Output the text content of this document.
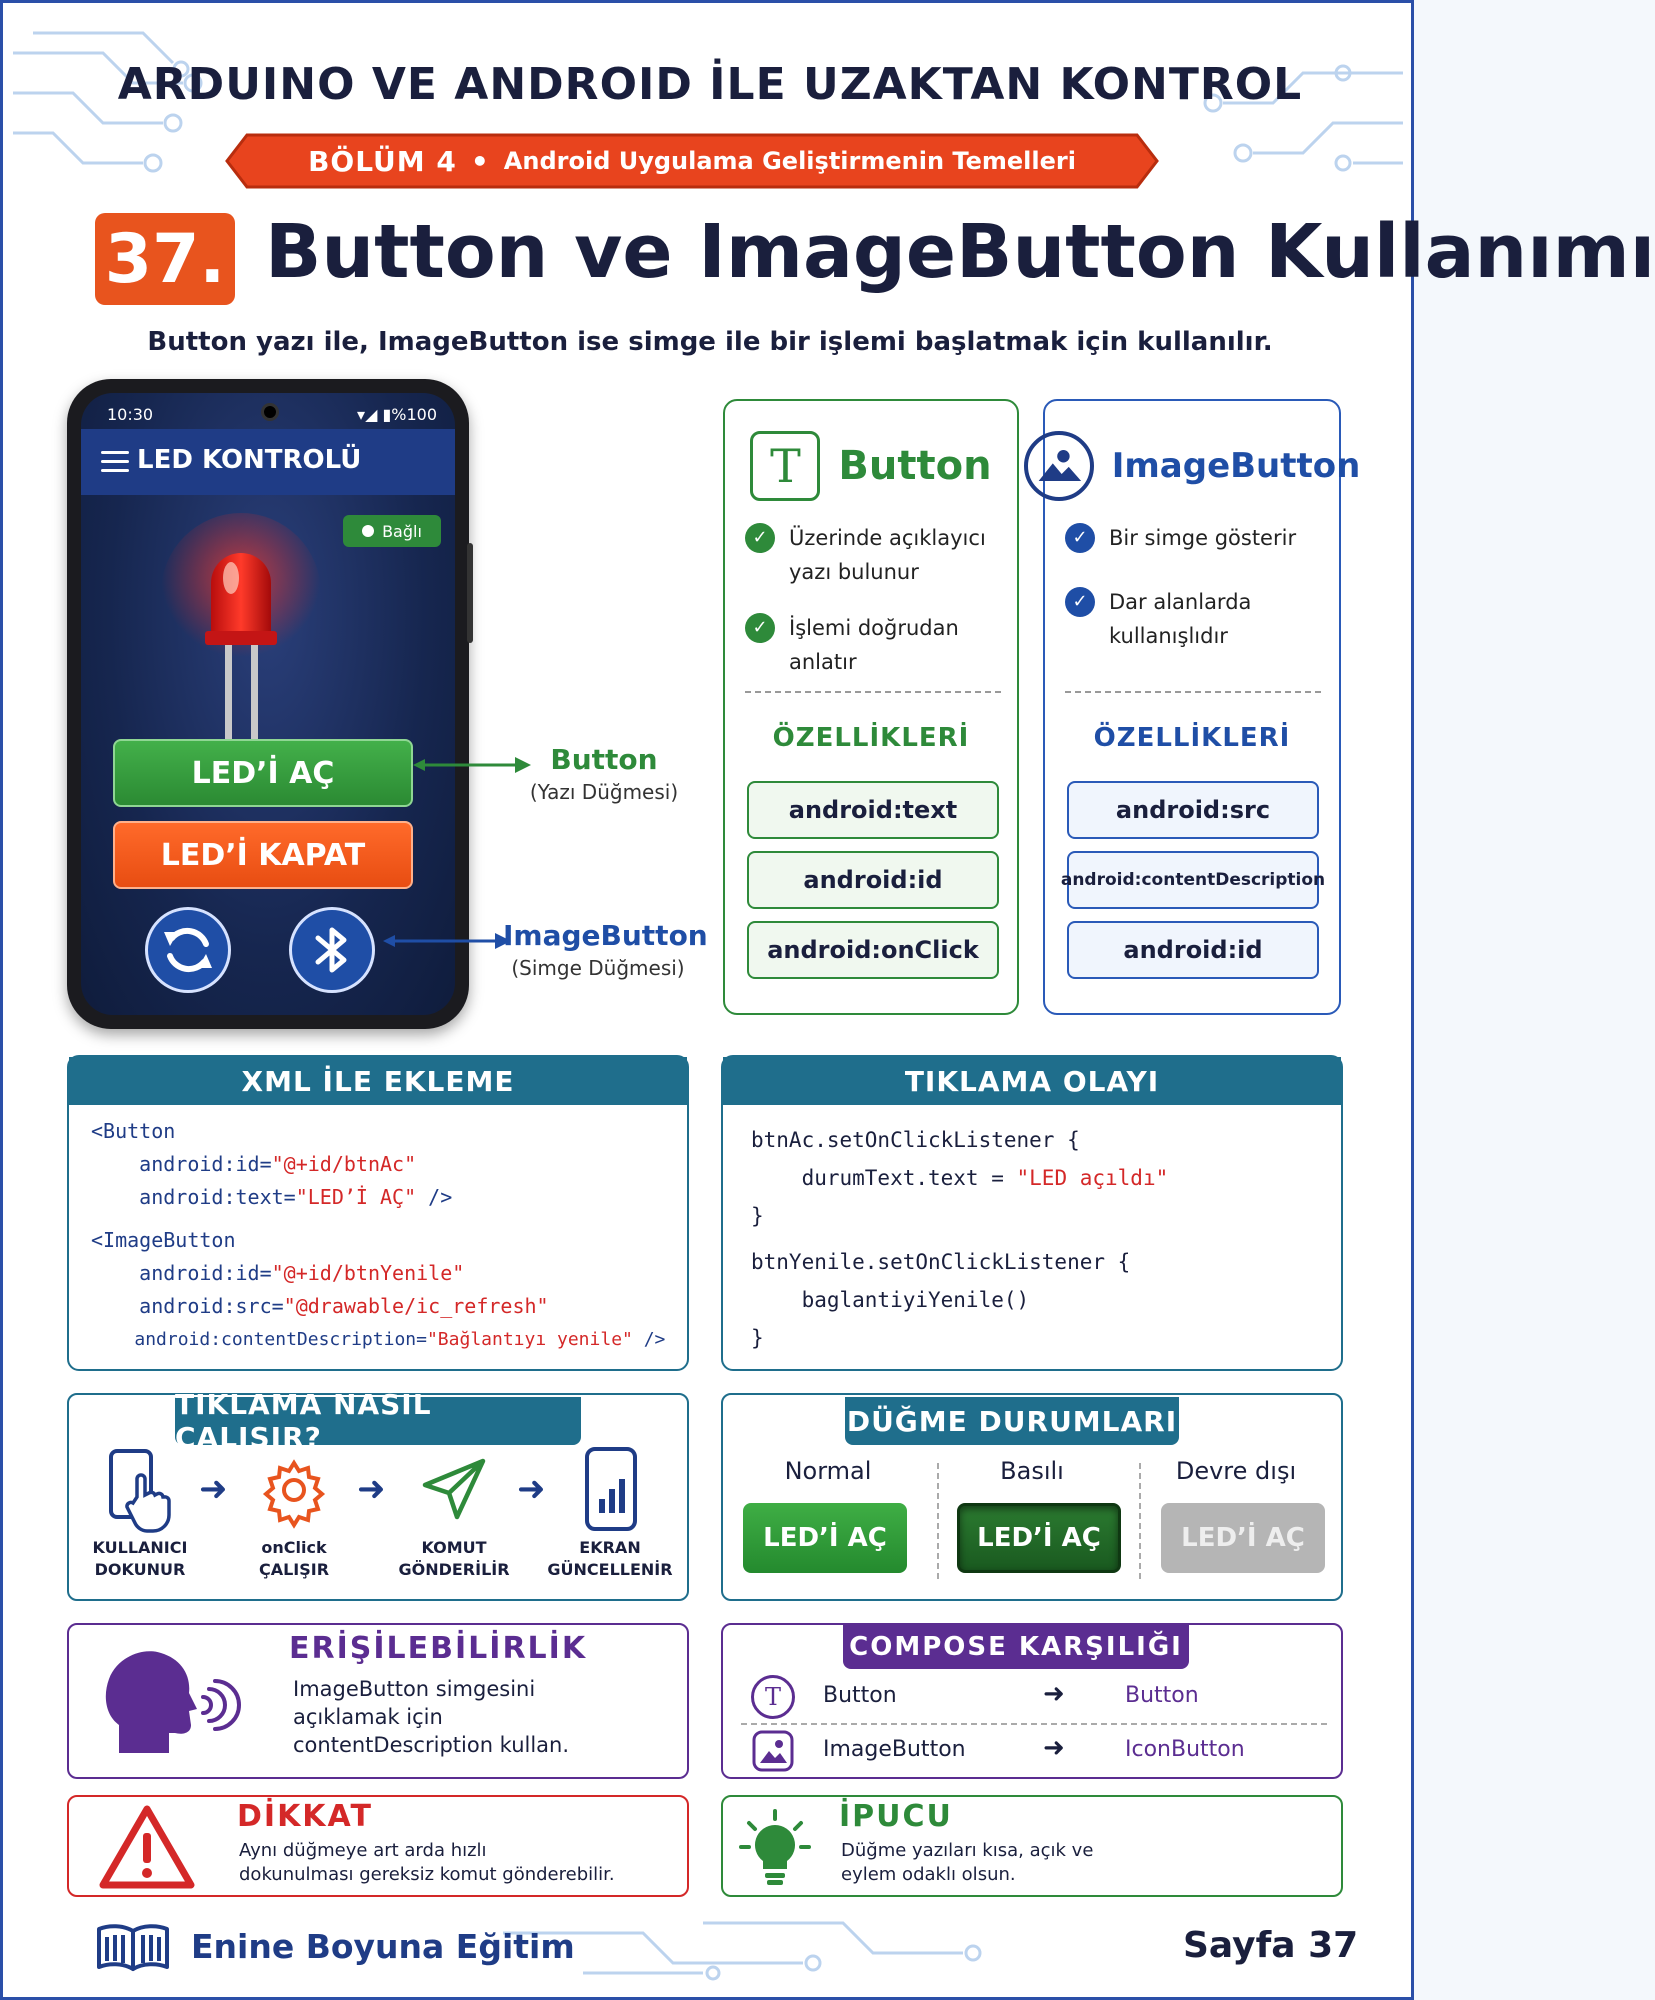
ARDUINO VE ANDROID İLE UZAKTAN KONTROL
BÖLÜM 4 • Android Uygulama Geliştirmenin Temelleri
37. Button ve ImageButton Kullanımı
Button yazı ile, ImageButton ise simge ile bir işlemi başlatmak için kullanılır.
10:30	▾◢ ▮%100
LED KONTROLÜ
Bağlı
LED’İ AÇ
LED’İ KAPAT
Button
(Yazı Düğmesi)
ImageButton
(Simge Düğmesi)
T Button
✓	Üzerinde açıklayıcı yazı bulunur
✓	İşlemi doğrudan anlatır
ÖZELLİKLERİ
android:text
android:id
android:onClick
ImageButton
✓	Bir simge gösterir
✓	Dar alanlarda kullanışlıdır
ÖZELLİKLERİ
android:src
android:contentDescription
android:id
XML İLE EKLEME
<Button
android:id="@+id/btnAc"
android:text="LED’İ AÇ" />
<ImageButton
android:id="@+id/btnYenile"
android:src="@drawable/ic_refresh"
android:contentDescription="Bağlantıyı yenile" />
TIKLAMA OLAYI
btnAc.setOnClickListener {
durumText.text = "LED açıldı"
}
btnYenile.setOnClickListener {
baglantiyiYenile()
}
TIKLAMA NASIL ÇALIŞIR?
➜	➜	➜
KULLANICI
DOKUNUR
onClick
ÇALIŞIR
KOMUT
GÖNDERİLİR
EKRAN
GÜNCELLENİR
DÜĞME DURUMLARI
Normal	Basılı	Devre dışı
LED’İ AÇ	LED’İ AÇ	LED’İ AÇ
ERİŞİLEBİLİRLİK
ImageButton simgesini
açıklamak için
contentDescription kullan.
COMPOSE KARŞILIĞI
T	Button	➜	Button
ImageButton	➜	IconButton
DİKKAT
Aynı düğmeye art arda hızlı
dokunulması gereksiz komut gönderebilir.
İPUCU
Düğme yazıları kısa, açık ve
eylem odaklı olsun.
Enine Boyuna Eğitim	Sayfa 37
